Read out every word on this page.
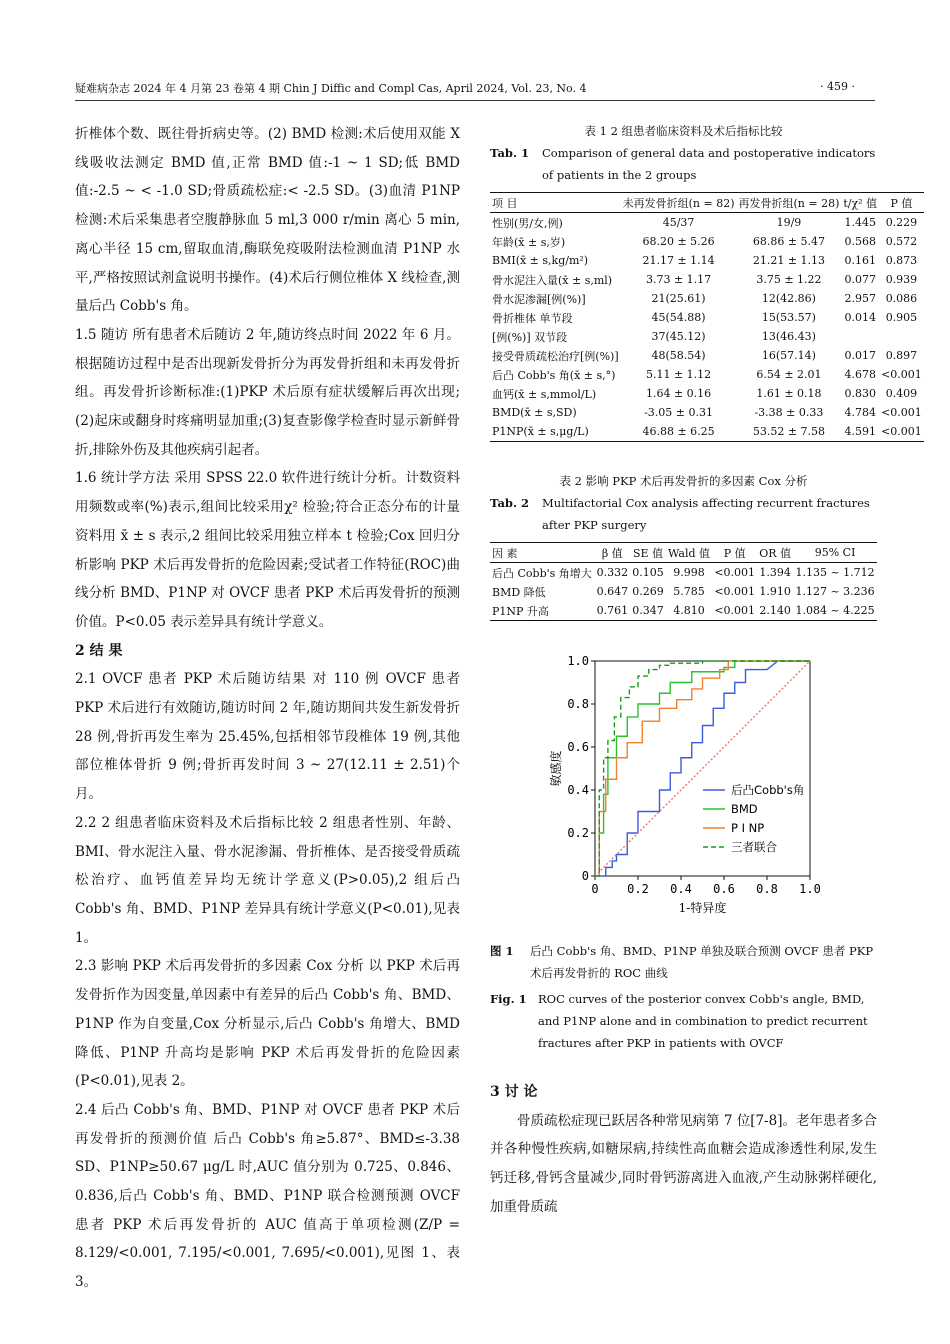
疑难病杂志 2024 年 4 月第 23 卷第 4 期 Chin J Diffic and Compl Cas, April 2024, Vol. 23, No. 4	· 459 ·

折椎体个数、既往骨折病史等。(2) BMD 检测:术后使用双能 X 线吸收法测定 BMD 值,正常 BMD 值:-1 ~ 1 SD;低 BMD 值:-2.5 ~ < -1.0 SD;骨质疏松症:< -2.5 SD。(3)血清 P1NP 检测:术后采集患者空腹静脉血 5 ml,3 000 r/min 离心 5 min,离心半径 15 cm,留取血清,酶联免疫吸附法检测血清 P1NP 水平,严格按照试剂盒说明书操作。(4)术后行侧位椎体 X 线检查,测量后凸 Cobb's 角。

1.5 随访 所有患者术后随访 2 年,随访终点时间 2022 年 6 月。根据随访过程中是否出现新发骨折分为再发骨折组和未再发骨折组。再发骨折诊断标准:(1)PKP 术后原有症状缓解后再次出现;(2)起床或翻身时疼痛明显加重;(3)复查影像学检查时显示新鲜骨折,排除外伤及其他疾病引起者。

1.6 统计学方法 采用 SPSS 22.0 软件进行统计分析。计数资料用频数或率(%)表示,组间比较采用χ² 检验;符合正态分布的计量资料用 x̄ ± s 表示,2 组间比较采用独立样本 t 检验;Cox 回归分析影响 PKP 术后再发骨折的危险因素;受试者工作特征(ROC)曲线分析 BMD、P1NP 对 OVCF 患者 PKP 术后再发骨折的预测价值。P<0.05 表示差异具有统计学意义。

2 结 果

2.1 OVCF 患者 PKP 术后随访结果 对 110 例 OVCF 患者 PKP 术后进行有效随访,随访时间 2 年,随访期间共发生新发骨折 28 例,骨折再发生率为 25.45%,包括相邻节段椎体 19 例,其他部位椎体骨折 9 例;骨折再发时间 3 ~ 27(12.11 ± 2.51)个月。

2.2 2 组患者临床资料及术后指标比较 2 组患者性别、年龄、BMI、骨水泥注入量、骨水泥渗漏、骨折椎体、是否接受骨质疏松治疗、血钙值差异均无统计学意义(P>0.05),2 组后凸 Cobb's 角、BMD、P1NP 差异具有统计学意义(P<0.01),见表 1。

2.3 影响 PKP 术后再发骨折的多因素 Cox 分析 以 PKP 术后再发骨折作为因变量,单因素中有差异的后凸 Cobb's 角、BMD、P1NP 作为自变量,Cox 分析显示,后凸 Cobb's 角增大、BMD 降低、P1NP 升高均是影响 PKP 术后再发骨折的危险因素(P<0.01),见表 2。

2.4 后凸 Cobb's 角、BMD、P1NP 对 OVCF 患者 PKP 术后再发骨折的预测价值 后凸 Cobb's 角≥5.87°、BMD≤-3.38 SD、P1NP≥50.67 μg/L 时,AUC 值分别为 0.725、0.846、0.836,后凸 Cobb's 角、BMD、P1NP 联合检测预测 OVCF 患者 PKP 术后再发骨折的 AUC 值高于单项检测(Z/P = 8.129/<0.001, 7.195/<0.001, 7.695/<0.001),见图 1、表 3。

表 1 2 组患者临床资料及术后指标比较

Tab. 1	Comparison of general data and postoperative indicators of patients in the 2 groups
项 目	未再发骨折组(n = 82)	再发骨折组(n = 28)	t/χ² 值	P 值
性别(男/女,例)	45/37	19/9	1.445	0.229
年龄(x̄ ± s,岁)	68.20 ± 5.26	68.86 ± 5.47	0.568	0.572
BMI(x̄ ± s,kg/m²)	21.17 ± 1.14	21.21 ± 1.13	0.161	0.873
骨水泥注入量(x̄ ± s,ml)	3.73 ± 1.17	3.75 ± 1.22	0.077	0.939
骨水泥渗漏[例(%)]	21(25.61)	12(42.86)	2.957	0.086
骨折椎体 单节段	45(54.88)	15(53.57)	0.014	0.905
[例(%)] 双节段	37(45.12)	13(46.43)		
接受骨质疏松治疗[例(%)]	48(58.54)	16(57.14)	0.017	0.897
后凸 Cobb's 角(x̄ ± s,°)	5.11 ± 1.12	6.54 ± 2.01	4.678	<0.001
血钙(x̄ ± s,mmol/L)	1.64 ± 0.16	1.61 ± 0.18	0.830	0.409
BMD(x̄ ± s,SD)	-3.05 ± 0.31	-3.38 ± 0.33	4.784	<0.001
P1NP(x̄ ± s,μg/L)	46.88 ± 6.25	53.52 ± 7.58	4.591	<0.001

表 2 影响 PKP 术后再发骨折的多因素 Cox 分析

Tab. 2	Multifactorial Cox analysis affecting recurrent fractures after PKP surgery
因 素	β 值	SE 值	Wald 值	P 值	OR 值	95% CI
后凸 Cobb's 角增大	0.332	0.105	9.998	<0.001	1.394	1.135 ~ 1.712
BMD 降低	0.647	0.269	5.785	<0.001	1.910	1.127 ~ 3.236
P1NP 升高	0.761	0.347	4.810	<0.001	2.140	1.084 ~ 4.225
0 0.2 0.4 0.6 0.8 1.0
0
0.2
0.4
0.6
0.8
1.0
1-特异度
敏感度
后凸Cobb's角
BMD
P I NP
三者联合
图 1	后凸 Cobb's 角、BMD、P1NP 单独及联合预测 OVCF 患者 PKP 术后再发骨折的 ROC 曲线
Fig. 1 ROC curves of the posterior convex Cobb's angle, BMD, and P1NP alone and in combination to predict recurrent fractures after PKP in patients with OVCF

3 讨 论

骨质疏松症现已跃居各种常见病第 7 位[7-8]。老年患者多合并各种慢性疾病,如糖尿病,持续性高血糖会造成渗透性利尿,发生钙迁移,骨钙含量减少,同时骨钙游离进入血液,产生动脉粥样硬化,加重骨质疏
